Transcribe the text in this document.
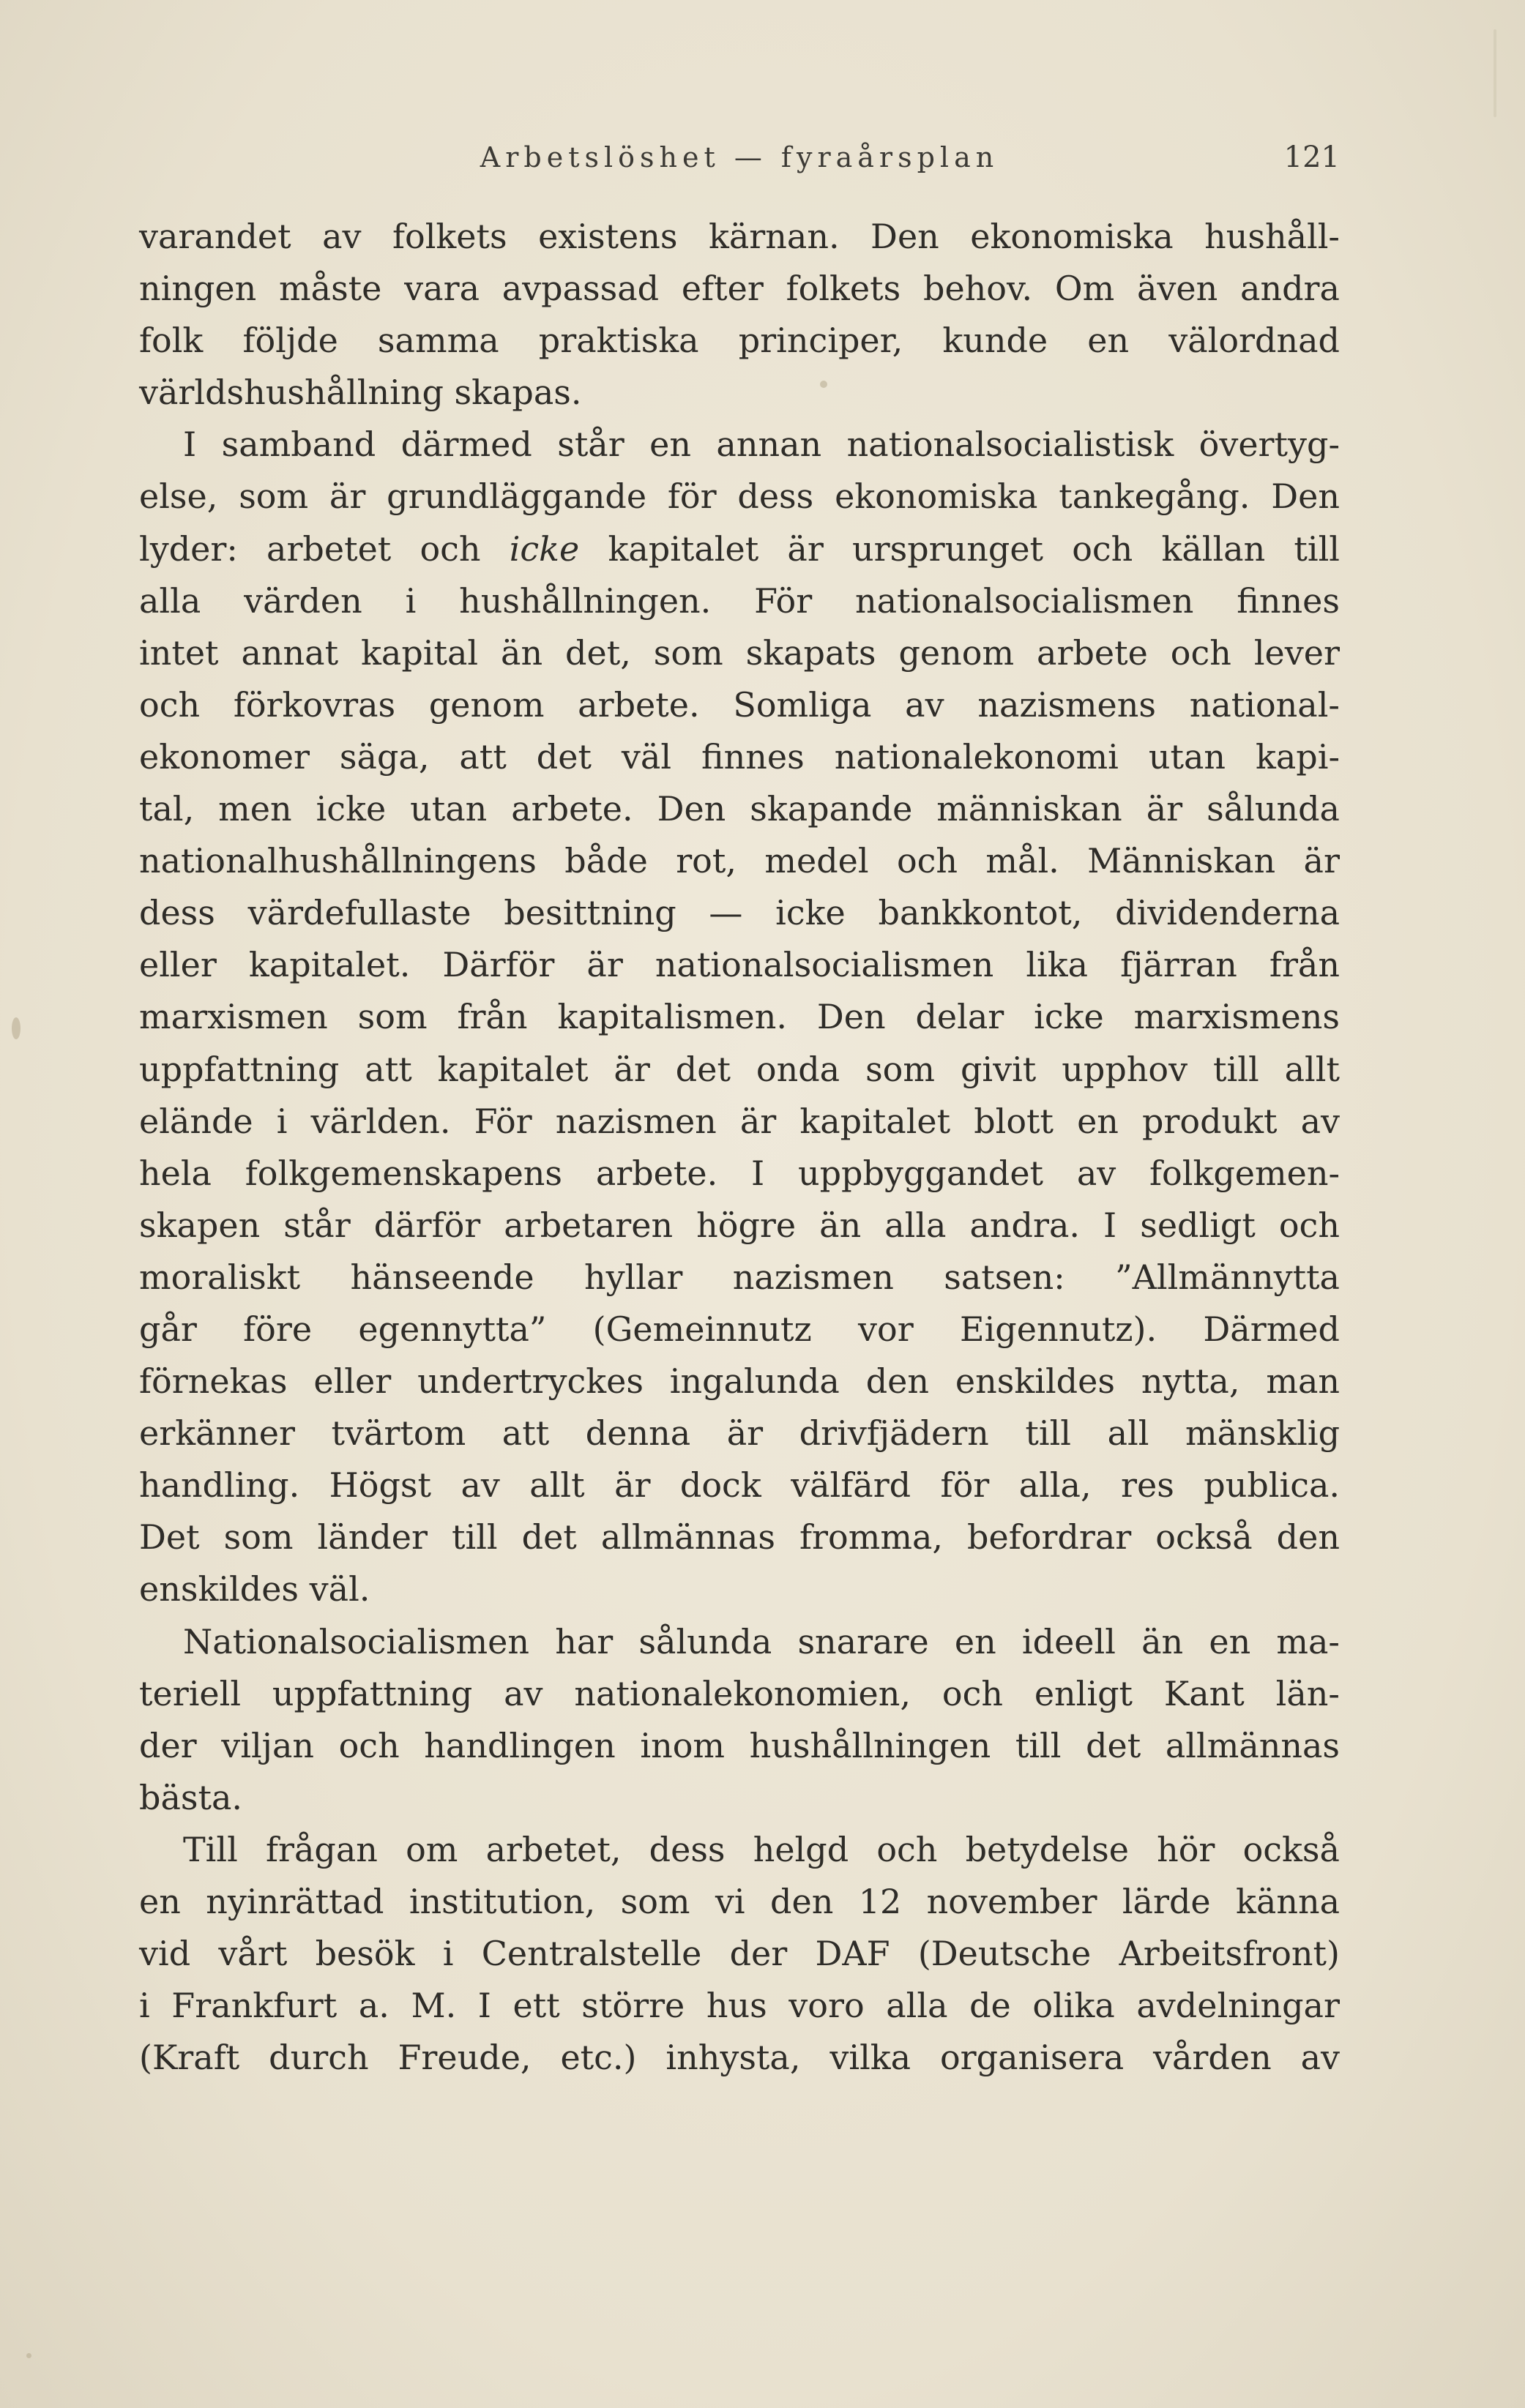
Arbetslöshet — fyraårsplan	121
varandet av folkets existens kärnan. Den ekonomiska hushåll-
ningen måste vara avpassad efter folkets behov. Om även andra
folk följde samma praktiska principer, kunde en välordnad
världshushållning skapas.
I samband därmed står en annan nationalsocialistisk övertyg-
else, som är grundläggande för dess ekonomiska tankegång. Den
lyder: arbetet och icke kapitalet är ursprunget och källan till
alla värden i hushållningen. För nationalsocialismen finnes
intet annat kapital än det, som skapats genom arbete och lever
och förkovras genom arbete. Somliga av nazismens national-
ekonomer säga, att det väl finnes nationalekonomi utan kapi-
tal, men icke utan arbete. Den skapande människan är sålunda
nationalhushållningens både rot, medel och mål. Människan är
dess värdefullaste besittning — icke bankkontot, dividenderna
eller kapitalet. Därför är nationalsocialismen lika fjärran från
marxismen som från kapitalismen. Den delar icke marxismens
uppfattning att kapitalet är det onda som givit upphov till allt
elände i världen. För nazismen är kapitalet blott en produkt av
hela folkgemenskapens arbete. I uppbyggandet av folkgemen-
skapen står därför arbetaren högre än alla andra. I sedligt och
moraliskt hänseende hyllar nazismen satsen: ”Allmännytta
går före egennytta” (Gemeinnutz vor Eigennutz). Därmed
förnekas eller undertryckes ingalunda den enskildes nytta, man
erkänner tvärtom att denna är drivfjädern till all mänsklig
handling. Högst av allt är dock välfärd för alla, res publica.
Det som länder till det allmännas fromma, befordrar också den
enskildes väl.
Nationalsocialismen har sålunda snarare en ideell än en ma-
teriell uppfattning av nationalekonomien, och enligt Kant län-
der viljan och handlingen inom hushållningen till det allmännas
bästa.
Till frågan om arbetet, dess helgd och betydelse hör också
en nyinrättad institution, som vi den 12 november lärde känna
vid vårt besök i Centralstelle der DAF (Deutsche Arbeitsfront)
i Frankfurt a. M. I ett större hus voro alla de olika avdelningar
(Kraft durch Freude, etc.) inhysta, vilka organisera vården av
